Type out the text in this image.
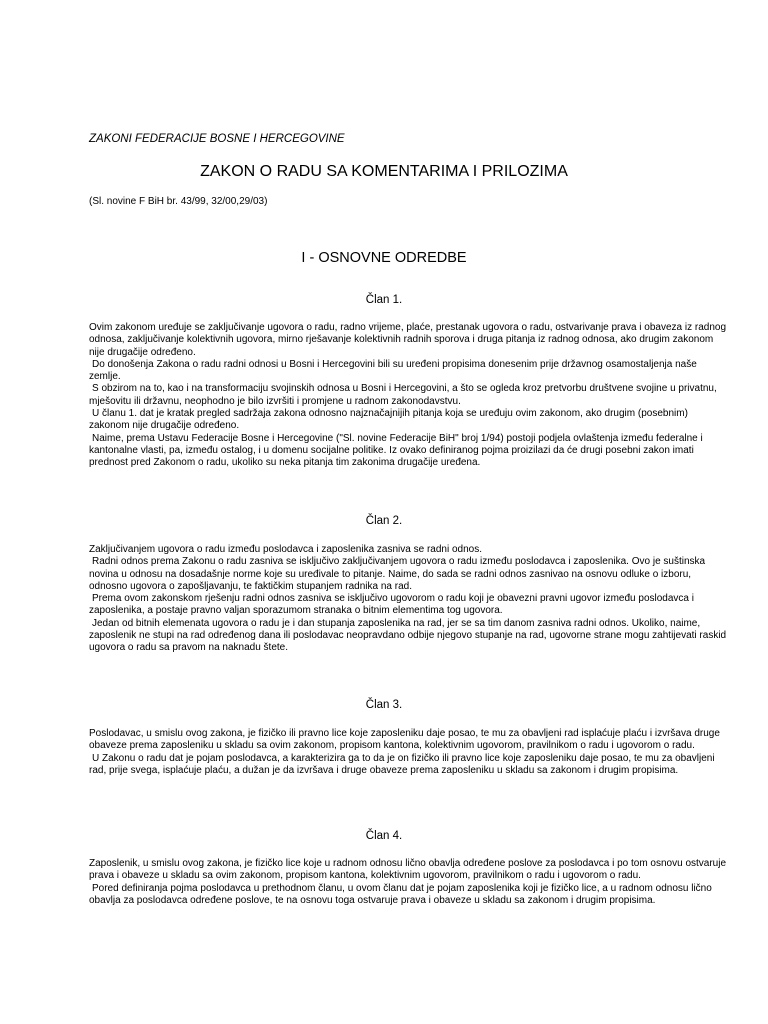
ZAKONI FEDERACIJE BOSNE I HERCEGOVINE
ZAKON O RADU SA KOMENTARIMA I PRILOZIMA
(Sl. novine F BiH br. 43/99, 32/00,29/03)
I - OSNOVNE ODREDBE
Član 1.

Ovim zakonom uređuje se zaključivanje ugovora o radu, radno vrijeme, plaće, prestanak ugovora o radu, ostvarivanje prava i obaveza iz radnog odnosa, zaključivanje kolektivnih ugovora, mirno rješavanje kolektivnih radnih sporova i druga pitanja iz radnog odnosa, ako drugim zakonom nije drugačije određeno.

Do donošenja Zakona o radu radni odnosi u Bosni i Hercegovini bili su uređeni propisima donesenim prije državnog osamostaljenja naše zemlje.

S obzirom na to, kao i na transformaciju svojinskih odnosa u Bosni i Hercegovini, a što se ogleda kroz pretvorbu društvene svojine u privatnu, mješovitu ili državnu, neophodno je bilo izvršiti i promjene u radnom zakonodavstvu.

U članu 1. dat je kratak pregled sadržaja zakona odnosno najznačajnijih pitanja koja se uređuju ovim zakonom, ako drugim (posebnim) zakonom nije drugačije određeno.

Naime, prema Ustavu Federacije Bosne i Hercegovine ("Sl. novine Federacije BiH" broj 1/94) postoji podjela ovlaštenja između federalne i kantonalne vlasti, pa, između ostalog, i u domenu socijalne politike. Iz ovako definiranog pojma proizilazi da će drugi posebni zakon imati prednost pred Zakonom o radu, ukoliko su neka pitanja tim zakonima drugačije uređena.

Član 2.

Zaključivanjem ugovora o radu između poslodavca i zaposlenika zasniva se radni odnos.

Radni odnos prema Zakonu o radu zasniva se isključivo zaključivanjem ugovora o radu između poslodavca i zaposlenika. Ovo je suštinska novina u odnosu na dosadašnje norme koje su uređivale to pitanje. Naime, do sada se radni odnos zasnivao na osnovu odluke o izboru, odnosno ugovora o zapošljavanju, te faktičkim stupanjem radnika na rad.

Prema ovom zakonskom rješenju radni odnos zasniva se isključivo ugovorom o radu koji je obavezni pravni ugovor između poslodavca i zaposlenika, a postaje pravno valjan sporazumom stranaka o bitnim elementima tog ugovora.

Jedan od bitnih elemenata ugovora o radu je i dan stupanja zaposlenika na rad, jer se sa tim danom zasniva radni odnos. Ukoliko, naime, zaposlenik ne stupi na rad određenog dana ili poslodavac neopravdano odbije njegovo stupanje na rad, ugovorne strane mogu zahtijevati raskid ugovora o radu sa pravom na naknadu štete.

Član 3.

Poslodavac, u smislu ovog zakona, je fizičko ili pravno lice koje zaposleniku daje posao, te mu za obavljeni rad isplaćuje plaću i izvršava druge obaveze prema zaposleniku u skladu sa ovim zakonom, propisom kantona, kolektivnim ugovorom, pravilnikom o radu i ugovorom o radu.

U Zakonu o radu dat je pojam poslodavca, a karakterizira ga to da je on fizičko ili pravno lice koje zaposleniku daje posao, te mu za obavljeni rad, prije svega, isplaćuje plaću, a dužan je da izvršava i druge obaveze prema zaposleniku u skladu sa zakonom i drugim propisima.

Član 4.

Zaposlenik, u smislu ovog zakona, je fizičko lice koje u radnom odnosu lično obavlja određene poslove za poslodavca i po tom osnovu ostvaruje prava i obaveze u skladu sa ovim zakonom, propisom kantona, kolektivnim ugovorom, pravilnikom o radu i ugovorom o radu.

Pored definiranja pojma poslodavca u prethodnom članu, u ovom članu dat je pojam zaposlenika koji je fizičko lice, a u radnom odnosu lično obavlja za poslodavca određene poslove, te na osnovu toga ostvaruje prava i obaveze u skladu sa zakonom i drugim propisima.
